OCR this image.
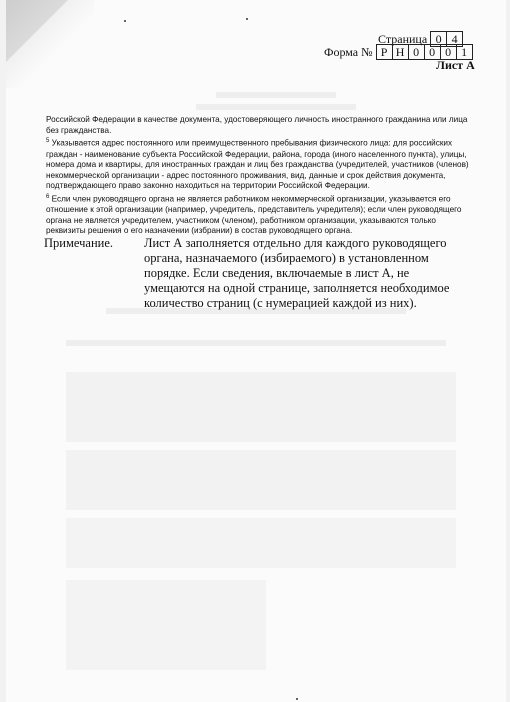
Страница 0 4
Форма № Р Н 0 0 0 1
Лист А

Российской Федерации в качестве документа, удостоверяющего личность иностранного гражданина или лица без гражданства.

$^5$ Указывается адрес постоянного или преимущественного пребывания физического лица: для российских граждан - наименование субъекта Российской Федерации, района, города (иного населенного пункта), улицы, номера дома и квартиры, для иностранных граждан и лиц без гражданства (учредителей, участников (членов) некоммерческой организации - адрес постоянного проживания, вид, данные и срок действия документа, подтверждающего право законно находиться на территории Российской Федерации.

$^6$ Если член руководящего органа не является работником некоммерческой организации, указывается его отношение к этой организации (например, учредитель, представитель учредителя); если член руководящего органа не является учредителем, участником (членом), работником организации, указываются только реквизиты решения о его назначении (избрании) в состав руководящего органа.

Примечание.	Лист А заполняется отдельно для каждого руководящего органа, назначаемого (избираемого) в установленном порядке. Если сведения, включаемые в лист А, не умещаются на одной странице, заполняется необходимое количество страниц (с нумерацией каждой из них).
